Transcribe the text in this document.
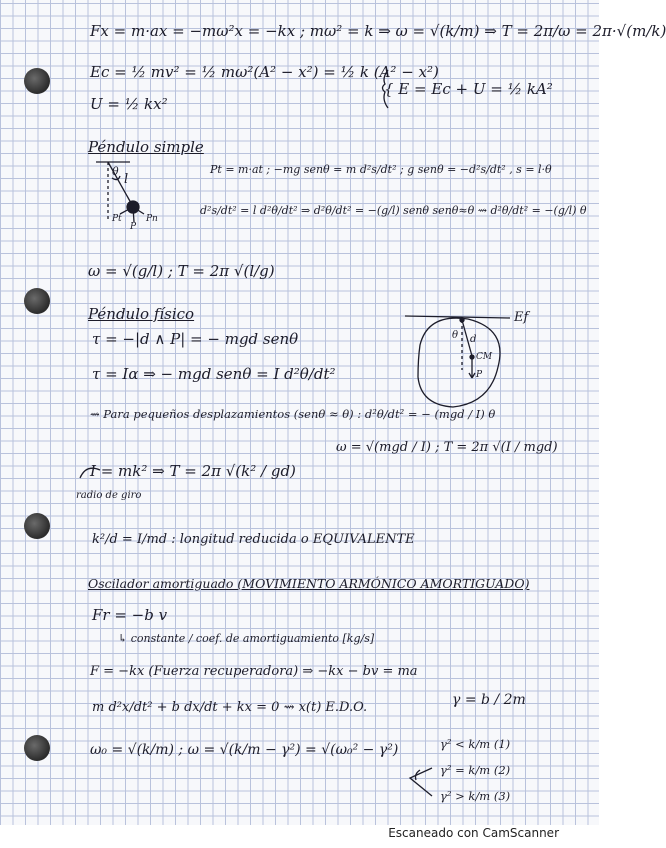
Fx = m·ax = −mω²x = −kx ; mω² = k ⇒ ω = √(k/m) ⇒ T = 2π/ω = 2π·√(m/k)
Ec = ½ mv² = ½ mω²(A² − x²) = ½ k (A² − x²)
U = ½ kx²
{ E = Ec + U = ½ kA²
Péndulo simple
Pt = m·at ; −mg senθ = m d²s/dt² ; g senθ = −d²s/dt² , s = l·θ
d²s/dt² = l d²θ/dt² ⇒ d²θ/dt² = −(g/l) senθ senθ≈θ ⇝ d²θ/dt² = −(g/l) θ
θ
l
Pt	Pn
P
ω = √(g/l) ; T = 2π √(l/g)
Péndulo físico	Ef
θ d
CM
P
τ = −|d ∧ P| = − mgd senθ
τ = Iα ⇒ − mgd senθ = I d²θ/dt²
⇝ Para pequeños desplazamientos (senθ ≈ θ) : d²θ/dt² = − (mgd / I) θ
ω = √(mgd / I) ; T = 2π √(I / mgd)
I = mk² ⇒ T = 2π √(k² / gd)
radio de giro
k²/d = I/md : longitud reducida o EQUIVALENTE
Oscilador amortiguado (MOVIMIENTO ARMÓNICO AMORTIGUADO)
Fr = −b v
↳ constante / coef. de amortiguamiento [kg/s]
F = −kx (Fuerza recuperadora) ⇒ −kx − bv = ma
m d²x/dt² + b dx/dt + kx = 0 ⇝ x(t) E.D.O.	γ = b / 2m
ω₀ = √(k/m) ; ω = √(k/m − γ²) = √(ω₀² − γ²)	γ² < k/m (1)
γ² = k/m (2)
γ² > k/m (3)
Escaneado con CamScanner
